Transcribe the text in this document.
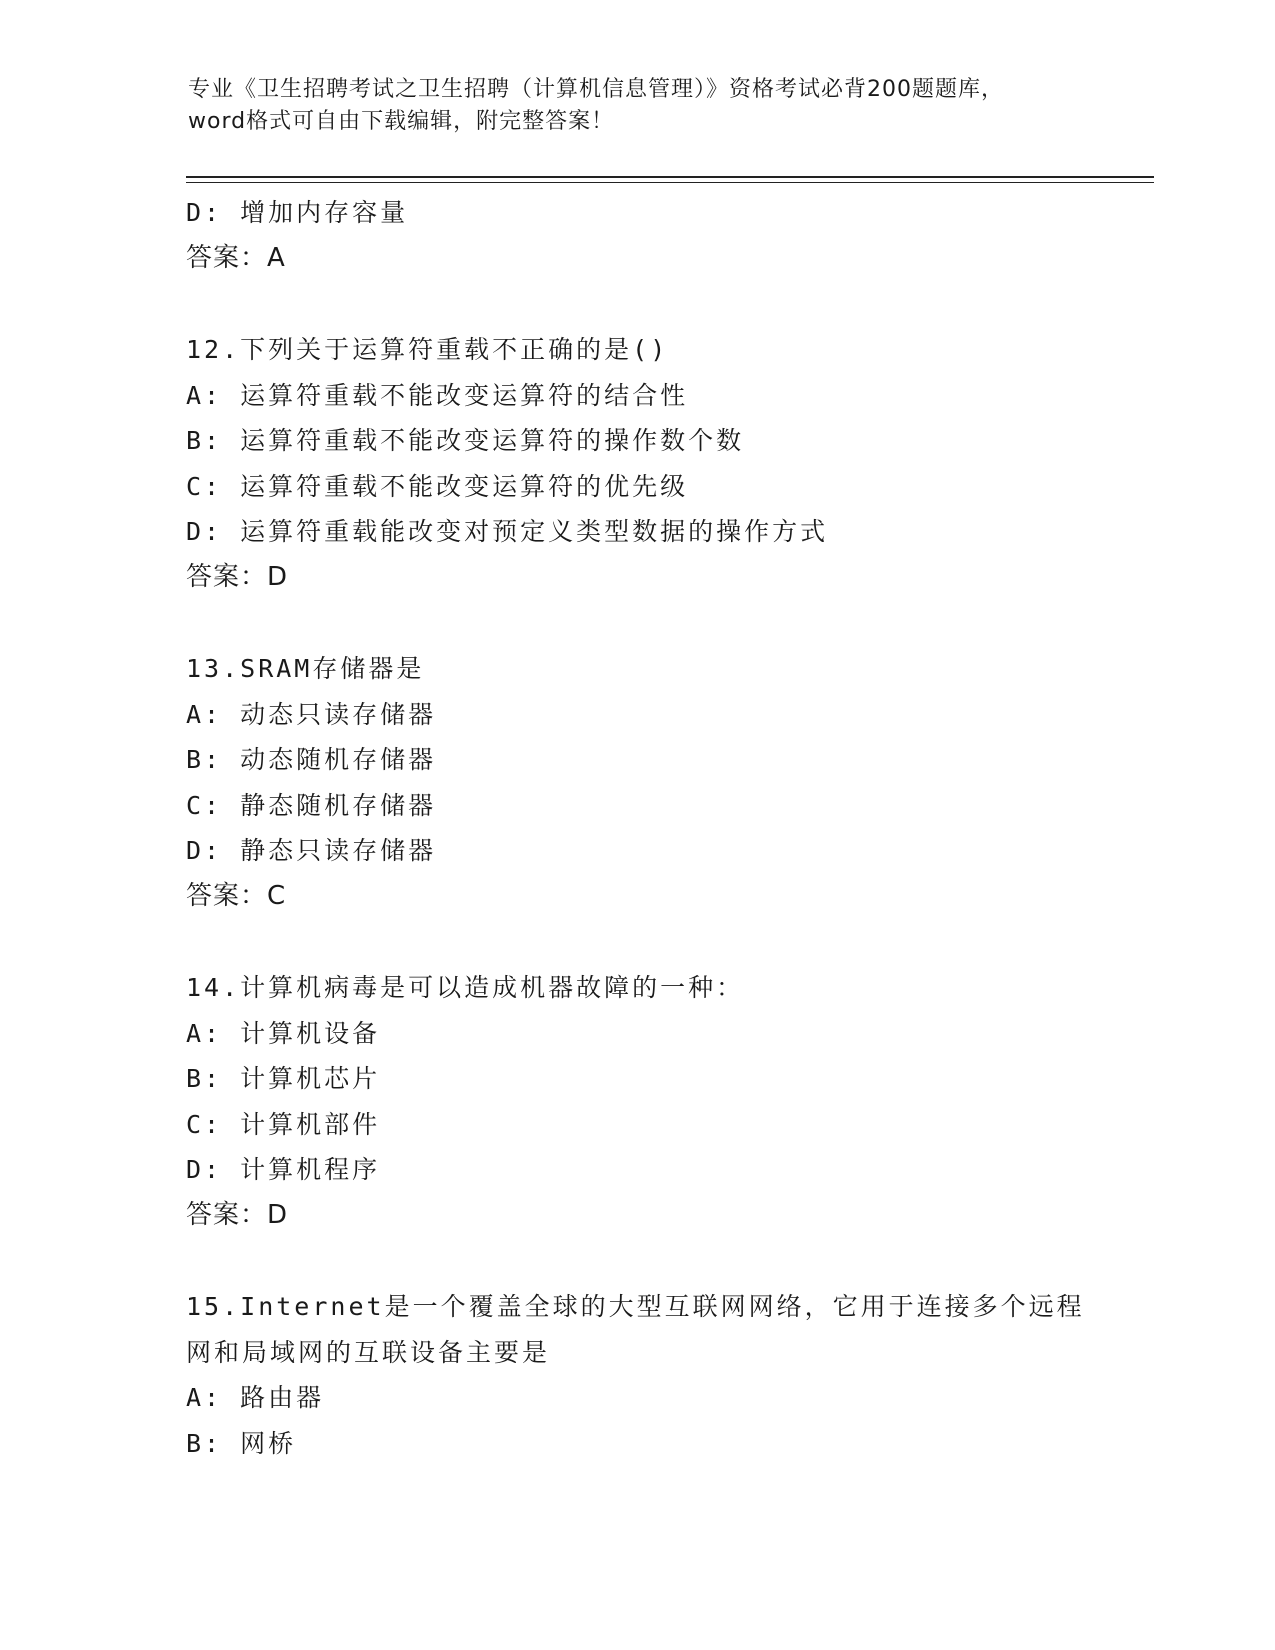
专业《卫生招聘考试之卫生招聘（计算机信息管理）》资格考试必背200题题库，

word格式可自由下载编辑，附完整答案！

D: 增加内存容量
答案：A
12.下列关于运算符重载不正确的是()
A: 运算符重载不能改变运算符的结合性
B: 运算符重载不能改变运算符的操作数个数
C: 运算符重载不能改变运算符的优先级
D: 运算符重载能改变对预定义类型数据的操作方式
答案：D
13.SRAM存储器是
A: 动态只读存储器
B: 动态随机存储器
C: 静态随机存储器
D: 静态只读存储器
答案：C
14.计算机病毒是可以造成机器故障的一种：
A: 计算机设备
B: 计算机芯片
C: 计算机部件
D: 计算机程序
答案：D
15.Internet是一个覆盖全球的大型互联网网络，它用于连接多个远程网和局域网的互联设备主要是
A: 路由器
B: 网桥
